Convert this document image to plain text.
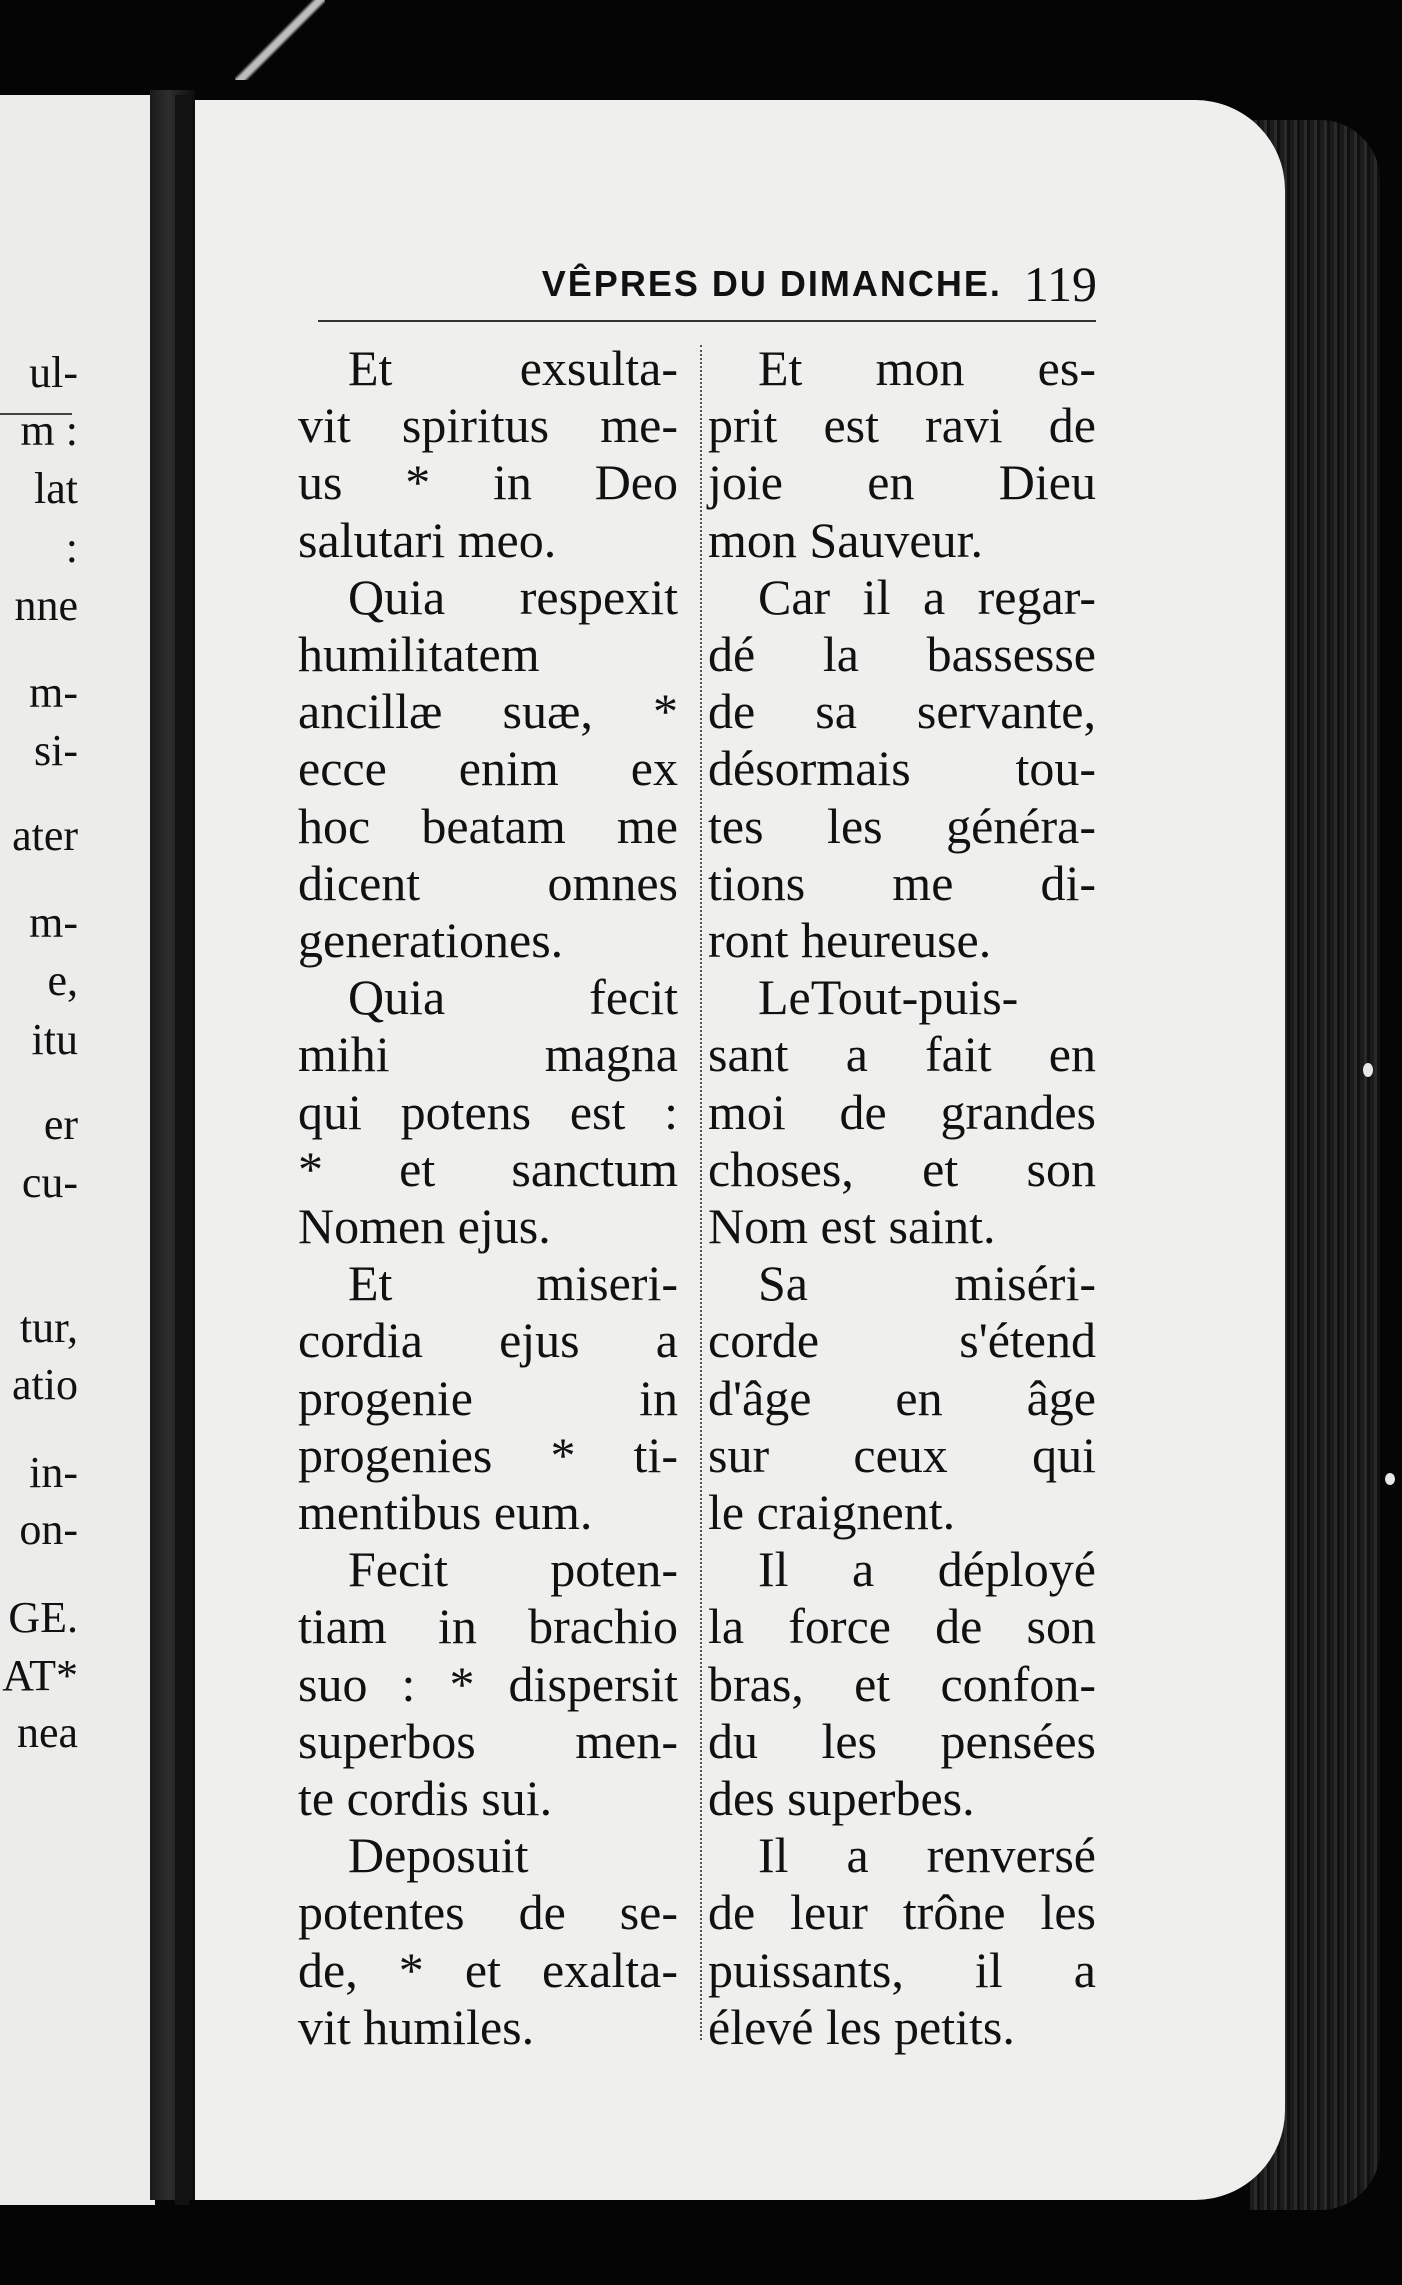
ul-
m :
lat
:
nne
m-
si-
ater
m-
e,
itu
er
cu-
tur,
atio
in-
on-
GE.
AT*
nea
VÊPRES DU DIMANCHE. 119

Et exsulta-
vit spiritus me-
us * in Deo
salutari meo.

Quia respexit
humilitatem
ancillæ suæ, *
ecce enim ex
hoc beatam me
dicent omnes
generationes.

Quia fecit
mihi magna
qui potens est :
* et sanctum
Nomen ejus.

Et miseri-
cordia ejus a
progenie in
progenies * ti-
mentibus eum.

Fecit poten-
tiam in brachio
suo : * dispersit
superbos men-
te cordis sui.

Deposuit
potentes de se-
de, * et exalta-
vit humiles.

Et mon es-
prit est ravi de
joie en Dieu
mon Sauveur.

Car il a regar-
dé la bassesse
de sa servante,
désormais tou-
tes les généra-
tions me di-
ront heureuse.

LeTout-puis-
sant a fait en
moi de grandes
choses, et son
Nom est saint.

Sa miséri-
corde s'étend
d'âge en âge
sur ceux qui
le craignent.

Il a déployé
la force de son
bras, et confon-
du les pensées
des superbes.

Il a renversé
de leur trône les
puissants, il a
élevé les petits.
